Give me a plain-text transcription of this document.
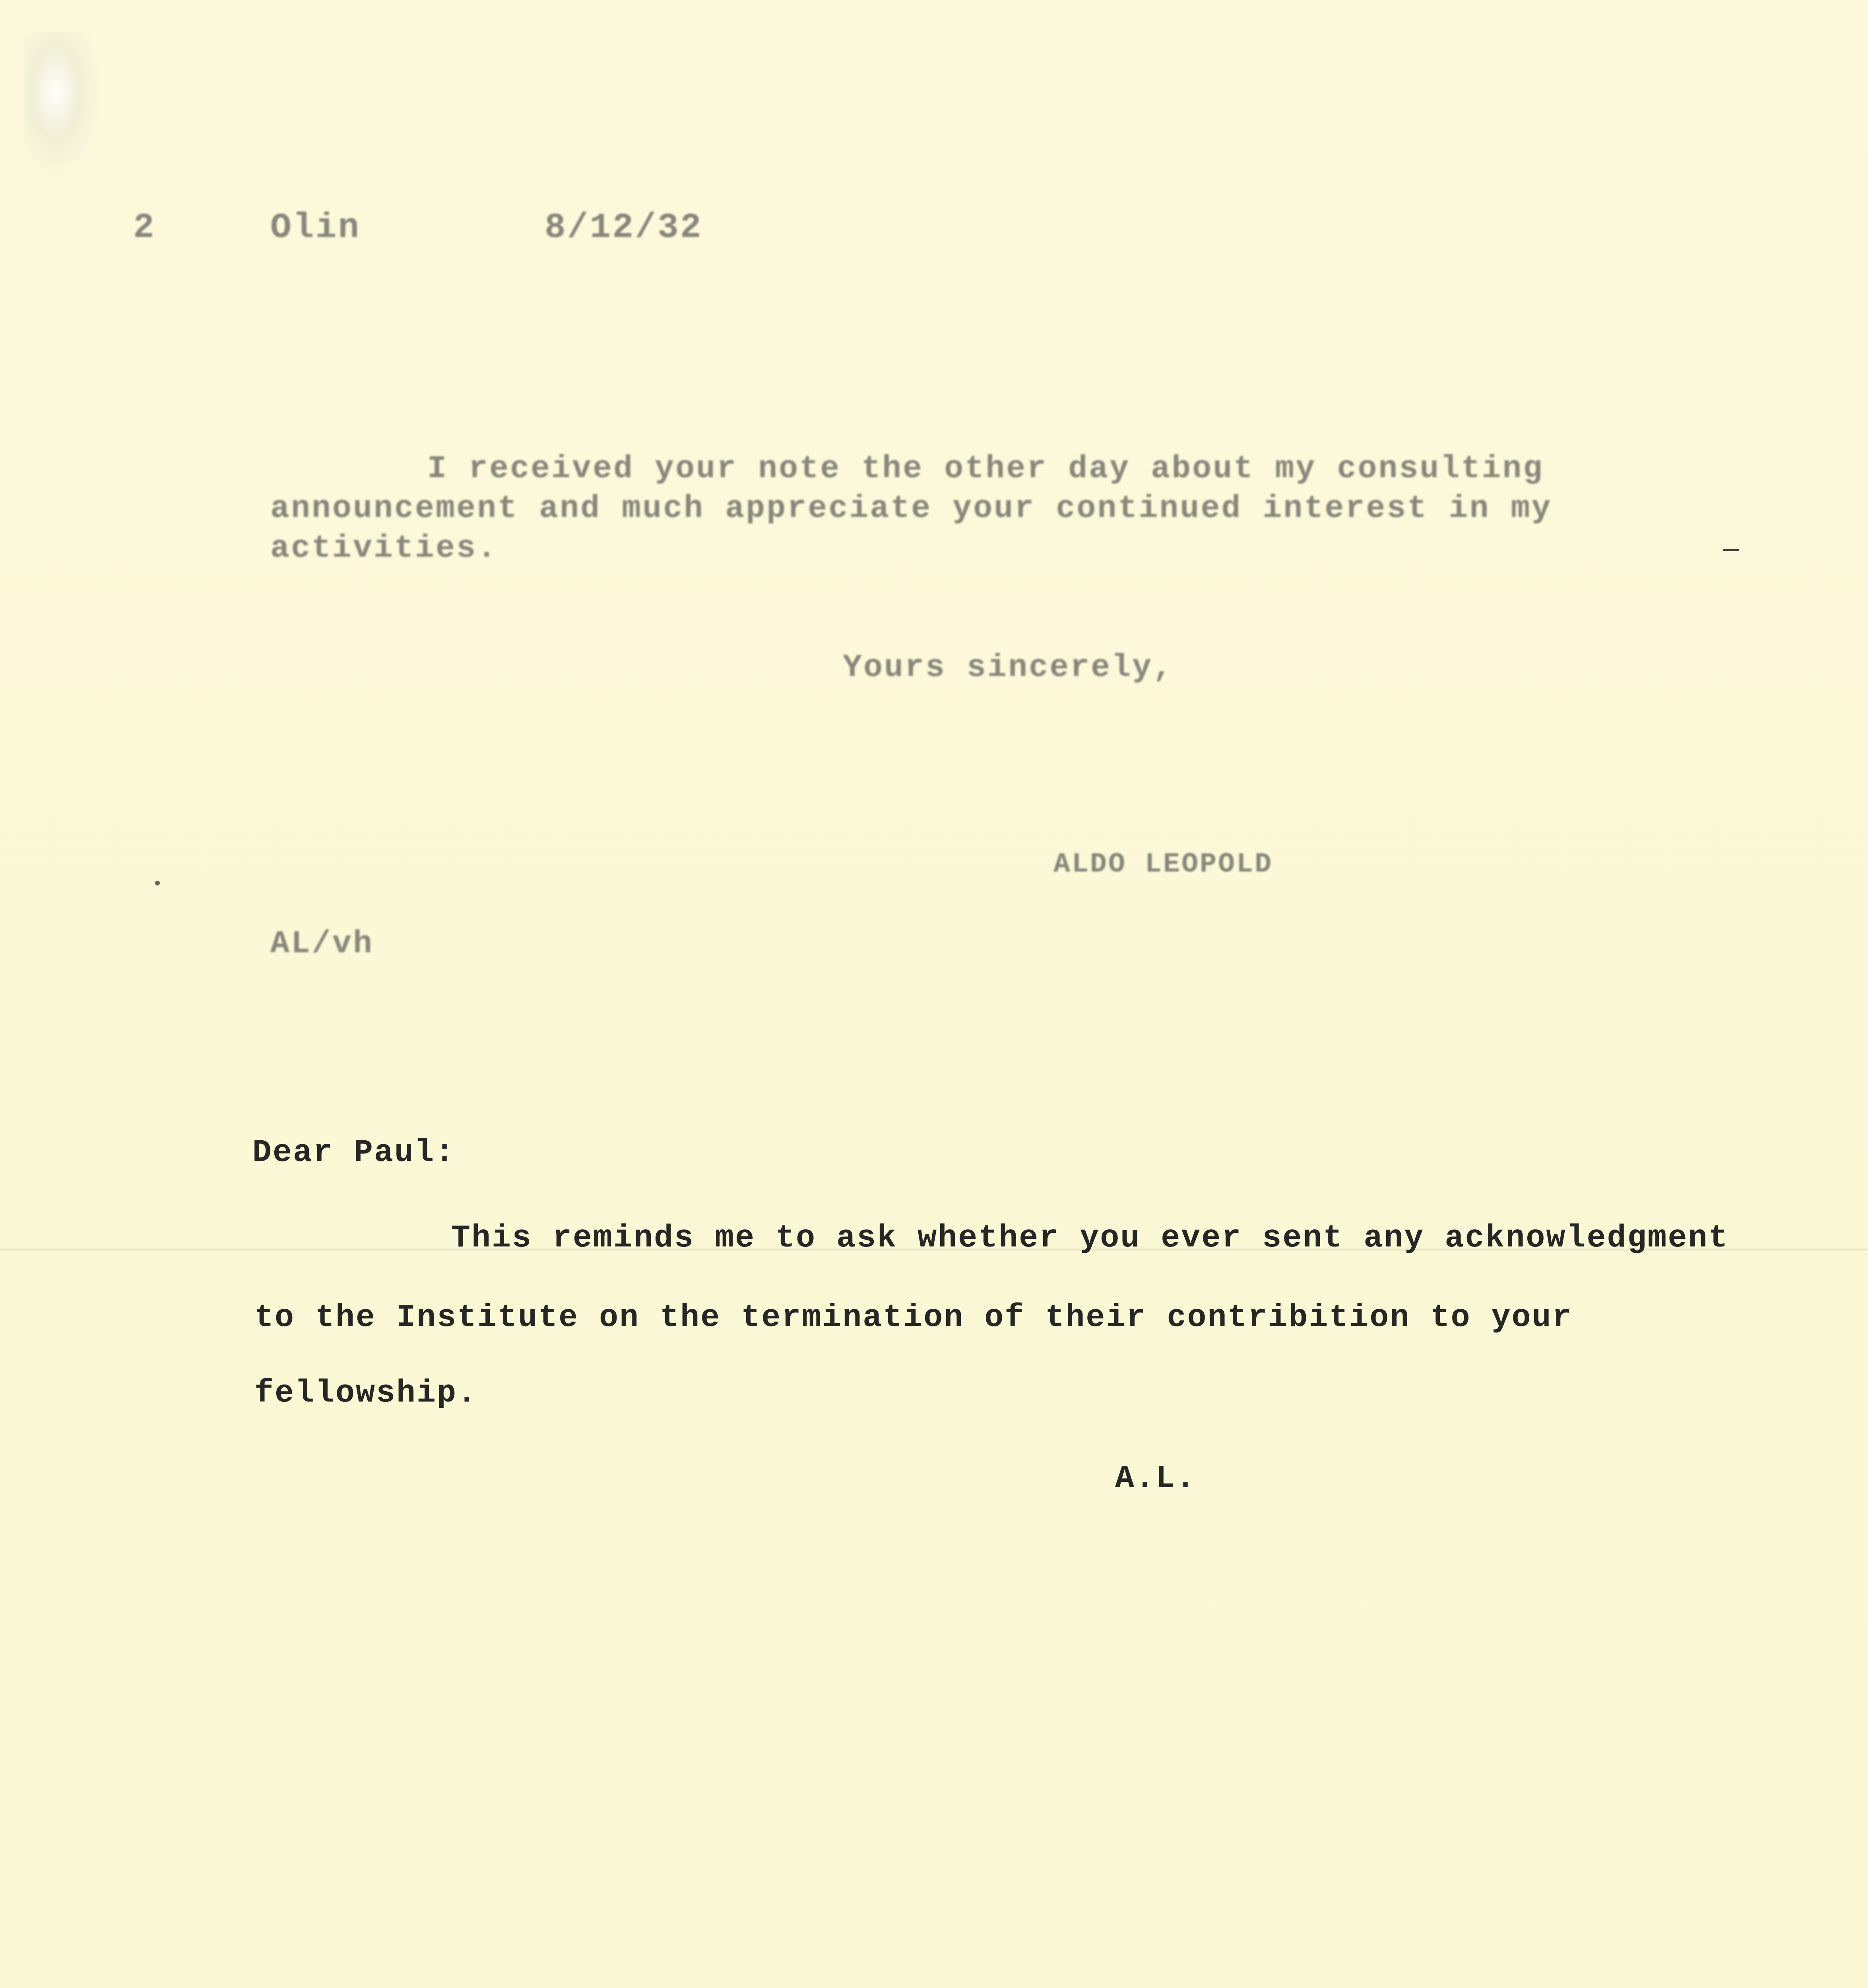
2	Olin	8/12/32
I received your note the other day about my consulting
announcement and much appreciate your continued interest in my
activities.
Yours sincerely,
ALDO LEOPOLD
AL/vh
Dear Paul:
This reminds me to ask whether you ever sent any acknowledgment
to the Institute on the termination of their contribition to your
fellowship.
A.L.
